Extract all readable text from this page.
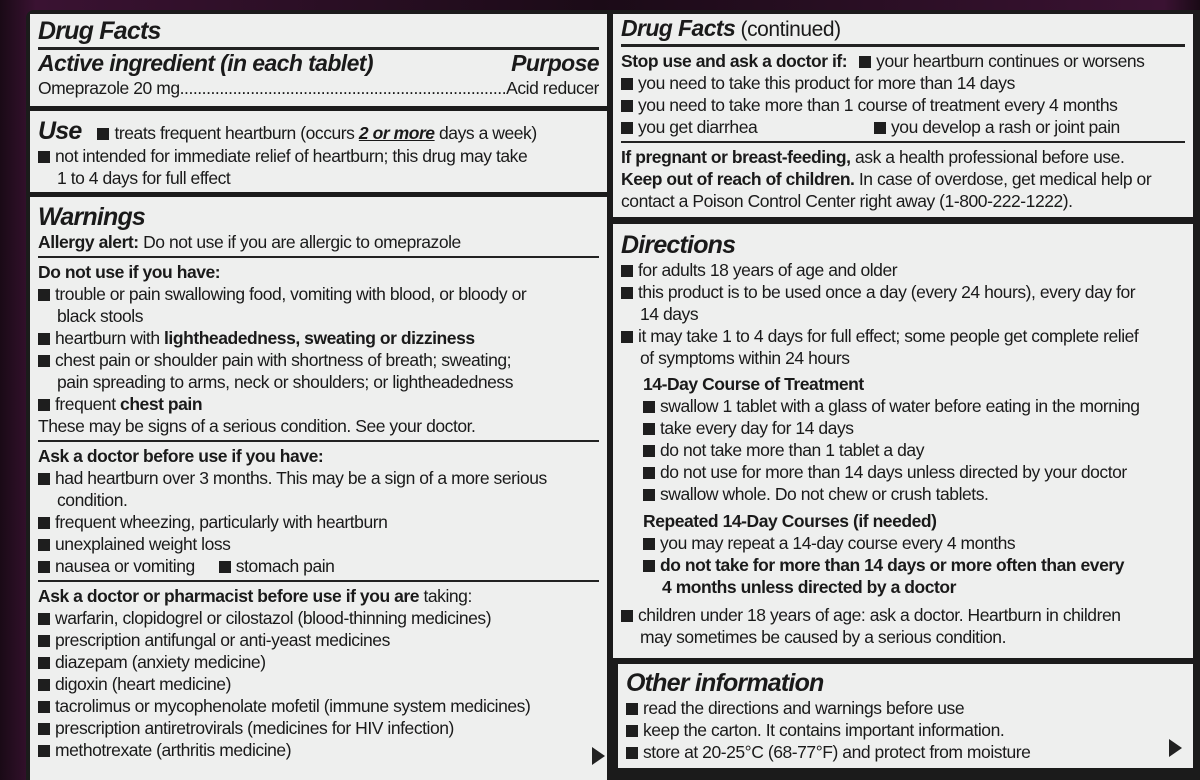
Drug Facts
Active ingredient (in each tablet)	Purpose
Omeprazole 20 mg .......................................................................... Acid reducer
Use treats frequent heartburn (occurs 2 or more days a week)
not intended for immediate relief of heartburn; this drug may take
1 to 4 days for full effect
Warnings
Allergy alert: Do not use if you are allergic to omeprazole
Do not use if you have:
trouble or pain swallowing food, vomiting with blood, or bloody or
black stools
heartburn with lightheadedness, sweating or dizziness
chest pain or shoulder pain with shortness of breath; sweating;
pain spreading to arms, neck or shoulders; or lightheadedness
frequent chest pain
These may be signs of a serious condition. See your doctor.
Ask a doctor before use if you have:
had heartburn over 3 months. This may be a sign of a more serious
condition.
frequent wheezing, particularly with heartburn
unexplained weight loss
nausea or vomiting stomach pain
Ask a doctor or pharmacist before use if you are taking:
warfarin, clopidogrel or cilostazol (blood-thinning medicines)
prescription antifungal or anti-yeast medicines
diazepam (anxiety medicine)
digoxin (heart medicine)
tacrolimus or mycophenolate mofetil (immune system medicines)
prescription antiretrovirals (medicines for HIV infection)
methotrexate (arthritis medicine)
Drug Facts (continued)
Stop use and ask a doctor if: your heartburn continues or worsens
you need to take this product for more than 14 days
you need to take more than 1 course of treatment every 4 months
you get diarrhea	you develop a rash or joint pain
If pregnant or breast-feeding, ask a health professional before use.
Keep out of reach of children. In case of overdose, get medical help or
contact a Poison Control Center right away (1-800-222-1222).
Directions
for adults 18 years of age and older
this product is to be used once a day (every 24 hours), every day for
14 days
it may take 1 to 4 days for full effect; some people get complete relief
of symptoms within 24 hours
14-Day Course of Treatment
swallow 1 tablet with a glass of water before eating in the morning
take every day for 14 days
do not take more than 1 tablet a day
do not use for more than 14 days unless directed by your doctor
swallow whole. Do not chew or crush tablets.
Repeated 14-Day Courses (if needed)
you may repeat a 14-day course every 4 months
do not take for more than 14 days or more often than every
4 months unless directed by a doctor
children under 18 years of age: ask a doctor. Heartburn in children
may sometimes be caused by a serious condition.
Other information
read the directions and warnings before use
keep the carton. It contains important information.
store at 20-25°C (68-77°F) and protect from moisture
